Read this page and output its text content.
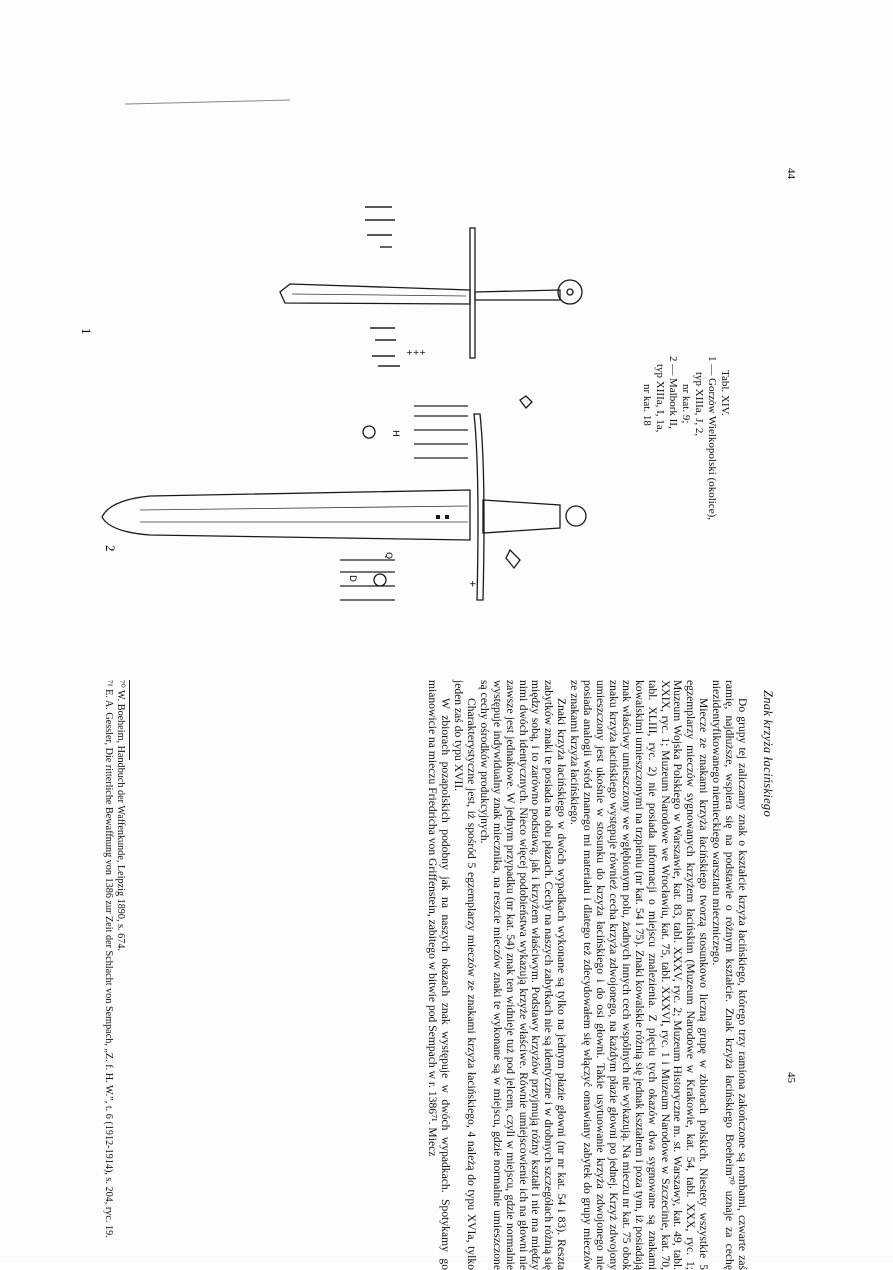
44
Tabl. XIV.
1 — Gorzów Wielkopolski (okolice),
typ XIIIa, J, 2,
nr kat. 9;
2 — Malbork II,
typ XIIIa, I, 1a,
nr kat. 18
+++
1
H
D
+
Q
2
Znak krzyża łacińskiego
45

Do grupy tej zaliczamy znak o kształcie krzyża łacińskiego, którego trzy ramiona zakończone są rombami, czwarte zaś ramię, najdłuższe, wspiera się na podstawie o różnym kształcie. Znak krzyża łacińskiego Boeheim⁷⁰ uznaje za cechę niezidentyfikowanego niemieckiego warsztatu mieczniczego.

Miecze ze znakami krzyża łacińskiego tworzą stosunkowo liczną grupę w zbiorach polskich. Niestety wszystkie 5 egzemplarzy mieczów sygnowanych krzyżem łacińskim (Muzeum Narodowe w Krakowie, kat. 54, tabl. XXX, ryc. 1; Muzeum Wojska Polskiego w Warszawie, kat. 83, tabl. XXXV, ryc. 2; Muzeum Historyczne m. st. Warszawy, kat. 49, tabl. XXIX, ryc. 1; Muzeum Narodowe we Wrocławiu, kat. 75, tabl. XXXVI, ryc. 1 i Muzeum Narodowe w Szczecinie, kat. 70, tabl. XLIII, ryc. 2) nie posiada informacji o miejscu znalezienia. Z pięciu tych okazów dwa sygnowane są znakami kowalskimi umieszczonymi na trzpieniu (nr kat. 54 i 75). Znaki kowalskie różnią się jednak kształtem i poza tym, iż posiadają znak właściwy umieszczony we wgłębionym polu, żadnych innych cech wspólnych nie wykazują. Na mieczu nr kat. 75 obok znaku krzyża łacińskiego występuje również cecha krzyża zdwojonego, na każdym płazie głowni po jednej. Krzyż zdwojony umieszczony jest ukośnie w stosunku do krzyża łacińskiego i do osi głowni. Takie usytuowanie krzyża zdwojonego nie posiada analogii wśród znanego mi materiału i dlatego też zdecydowałem się włączyć omawiany zabytek do grupy mieczów ze znakami krzyża łacińskiego.

Znaki krzyża łacińskiego w dwóch wypadkach wykonane są tylko na jednym płazie głowni (nr nr kat. 54 i 83). Reszta zabytków znaki te posiada na obu płazach. Cechy na naszych zabytkach nie są identyczne i w drobnych szczegółach różnią się między sobą, i to zarówno podstawą, jak i krzyżem właściwym. Podstawy krzyżów przyjmują różny kształt i nie ma między nimi dwóch identycznych. Nieco więcej podobieństwa wykazują krzyże właściwe. Równie umiejscowienie ich na głowni nie zawsze jest jednakowe. W jednym przypadku (nr kat. 54) znak ten widnieje tuż pod jelcem, czyli w miejscu, gdzie normalnie występuje indywidualny znak miecznika, na reszcie mieczów znaki te wykonane są w miejscu, gdzie normalnie umieszczone są cechy ośrodków produkcyjnych.

Charakterystyczne jest, iż spośród 5 egzemplarzy mieczów ze znakami krzyża łacińskiego, 4 należą do typu XVIa, tylko jeden zaś do typu XVII.

W zbiorach pozapolskich podobny jak na naszych okazach znak występuje w dwóch wypadkach. Spotykamy go mianowicie na mieczu Friedricha von Griffenstein, zabitego w bitwie pod Sempach w r. 1386⁷¹. Miecz

⁷⁰ W. Boeheim, Handbuch der Waffenkunde, Leipzig 1890, s. 674.

⁷¹ E. A. Gessler, Die ritterliche Bewaffnung von 1386 zur Zeit der Schlacht von Sempach, „Z. f. H. W.”, t. 6 (1912-1914), s. 204, ryc. 19.
